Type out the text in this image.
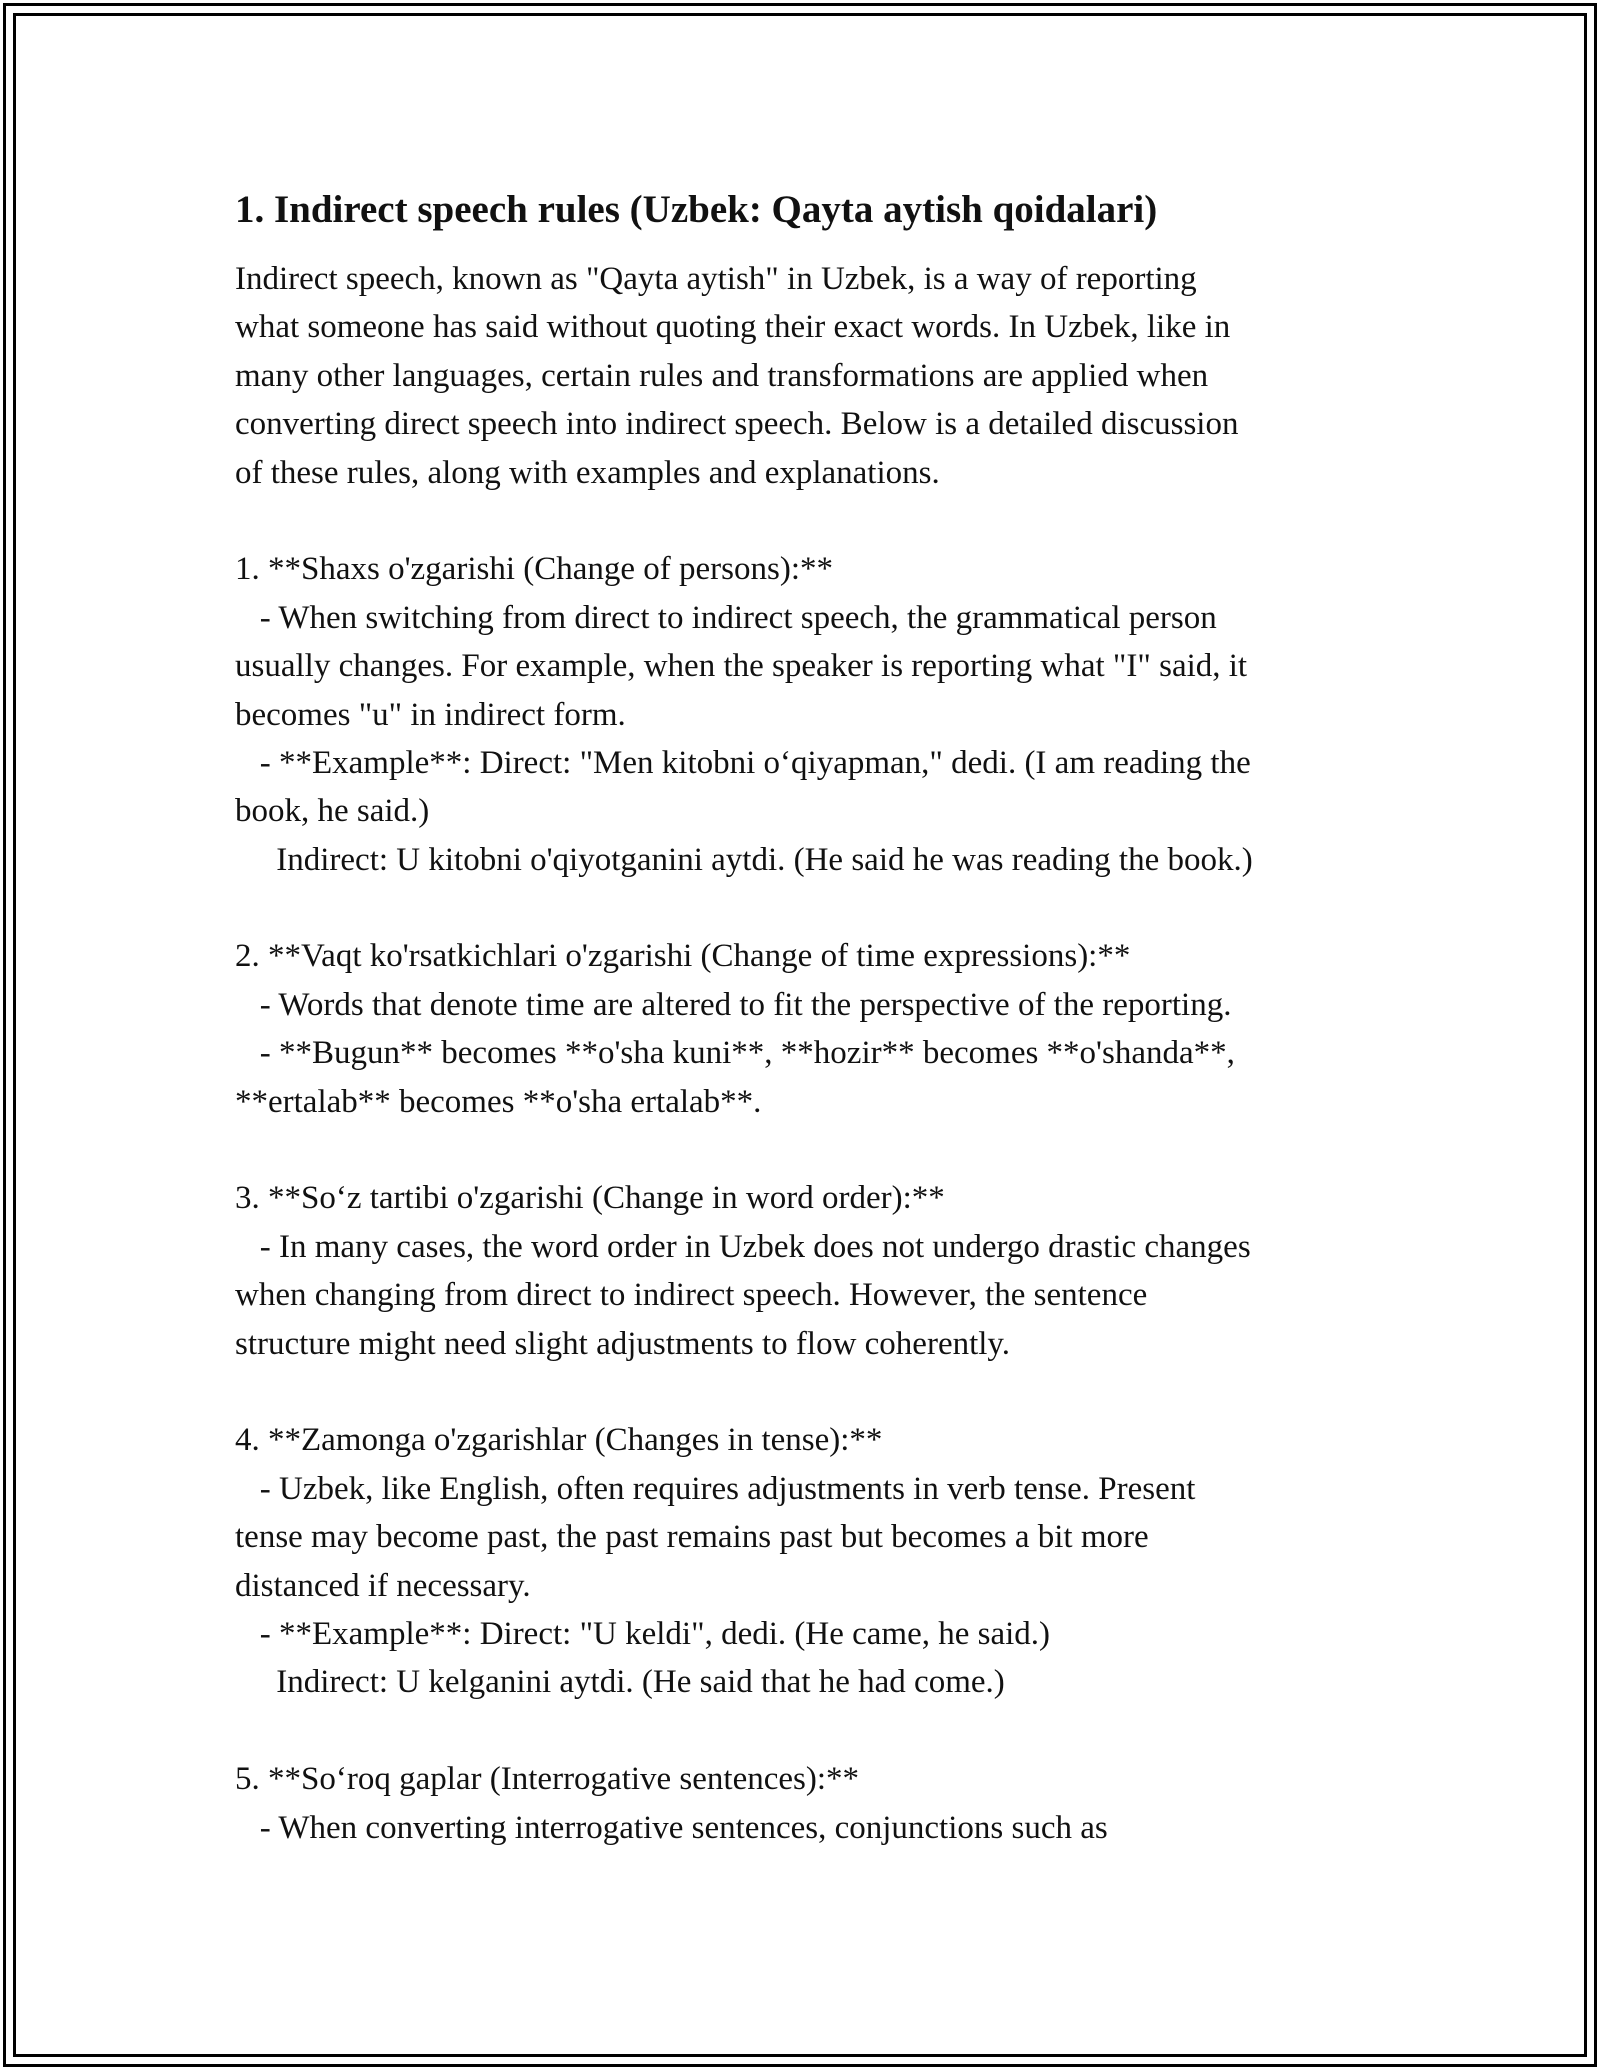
1. Indirect speech rules (Uzbek: Qayta aytish qoidalari)
Indirect speech, known as "Qayta aytish" in Uzbek, is a way of reporting
what someone has said without quoting their exact words. In Uzbek, like in
many other languages, certain rules and transformations are applied when
converting direct speech into indirect speech. Below is a detailed discussion
of these rules, along with examples and explanations.
1. **Shaxs o'zgarishi (Change of persons):**
- When switching from direct to indirect speech, the grammatical person
usually changes. For example, when the speaker is reporting what "I" said, it
becomes "u" in indirect form.
- **Example**: Direct: "Men kitobni o‘qiyapman," dedi. (I am reading the
book, he said.)
Indirect: U kitobni o'qiyotganini aytdi. (He said he was reading the book.)
2. **Vaqt ko'rsatkichlari o'zgarishi (Change of time expressions):**
- Words that denote time are altered to fit the perspective of the reporting.
- **Bugun** becomes **o'sha kuni**, **hozir** becomes **o'shanda**,
**ertalab** becomes **o'sha ertalab**.
3. **So‘z tartibi o'zgarishi (Change in word order):**
- In many cases, the word order in Uzbek does not undergo drastic changes
when changing from direct to indirect speech. However, the sentence
structure might need slight adjustments to flow coherently.
4. **Zamonga o'zgarishlar (Changes in tense):**
- Uzbek, like English, often requires adjustments in verb tense. Present
tense may become past, the past remains past but becomes a bit more
distanced if necessary.
- **Example**: Direct: "U keldi", dedi. (He came, he said.)
Indirect: U kelganini aytdi. (He said that he had come.)
5. **So‘roq gaplar (Interrogative sentences):**
- When converting interrogative sentences, conjunctions such as
